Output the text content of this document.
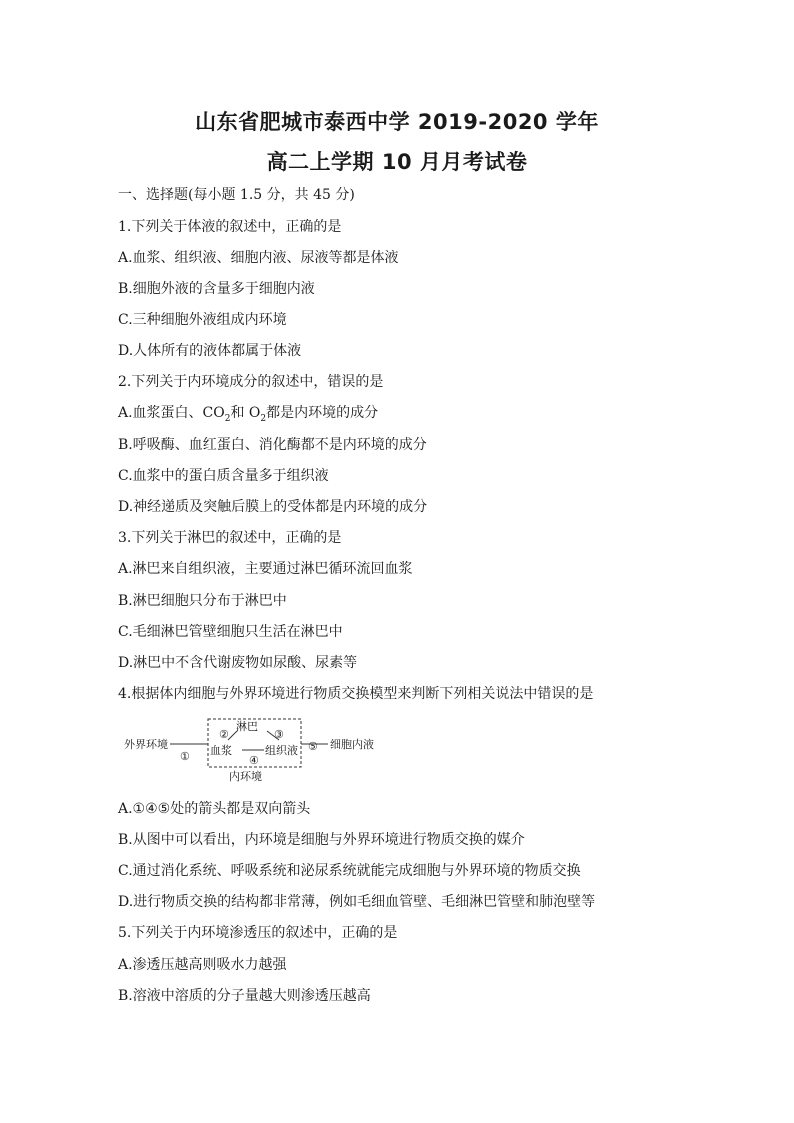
山东省肥城市泰西中学 2019-2020 学年
高二上学期 10 月月考试卷
一、选择题(每小题 1.5 分，共 45 分)
1.下列关于体液的叙述中，正确的是
A.血浆、组织液、细胞内液、尿液等都是体液
B.细胞外液的含量多于细胞内液
C.三种细胞外液组成内环境
D.人体所有的液体都属于体液
2.下列关于内环境成分的叙述中，错误的是
A.血浆蛋白、$CO_2$和 $O_2$都是内环境的成分
B.呼吸酶、血红蛋白、消化酶都不是内环境的成分
C.血浆中的蛋白质含量多于组织液
D.神经递质及突触后膜上的受体都是内环境的成分
3.下列关于淋巴的叙述中，正确的是
A.淋巴来自组织液，主要通过淋巴循环流回血浆
B.淋巴细胞只分布于淋巴中
C.毛细淋巴管壁细胞只生活在淋巴中
D.淋巴中不含代谢废物如尿酸、尿素等
4.根据体内细胞与外界环境进行物质交换模型来判断下列相关说法中错误的是
外界环境
淋巴
血浆	组织液	细胞内液
内环境
①
②	③
④
⑤
A.①④⑤处的箭头都是双向箭头
B.从图中可以看出，内环境是细胞与外界环境进行物质交换的媒介
C.通过消化系统、呼吸系统和泌尿系统就能完成细胞与外界环境的物质交换
D.进行物质交换的结构都非常薄，例如毛细血管壁、毛细淋巴管壁和肺泡壁等
5.下列关于内环境渗透压的叙述中，正确的是
A.渗透压越高则吸水力越强
B.溶液中溶质的分子量越大则渗透压越高
